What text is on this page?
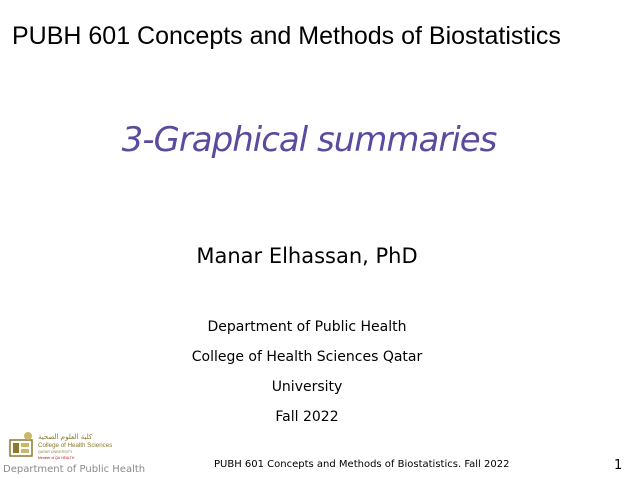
PUBH 601 Concepts and Methods of Biostatistics
3-Graphical summaries
Manar Elhassan, PhD
Department of Public Health
College of Health Sciences Qatar
University
Fall 2022
كلية العلوم الصحية
College of Health Sciences
QATAR UNIVERSITY
Member of QU HEALTH
Department of Public Health	PUBH 601 Concepts and Methods of Biostatistics. Fall 2022	1
